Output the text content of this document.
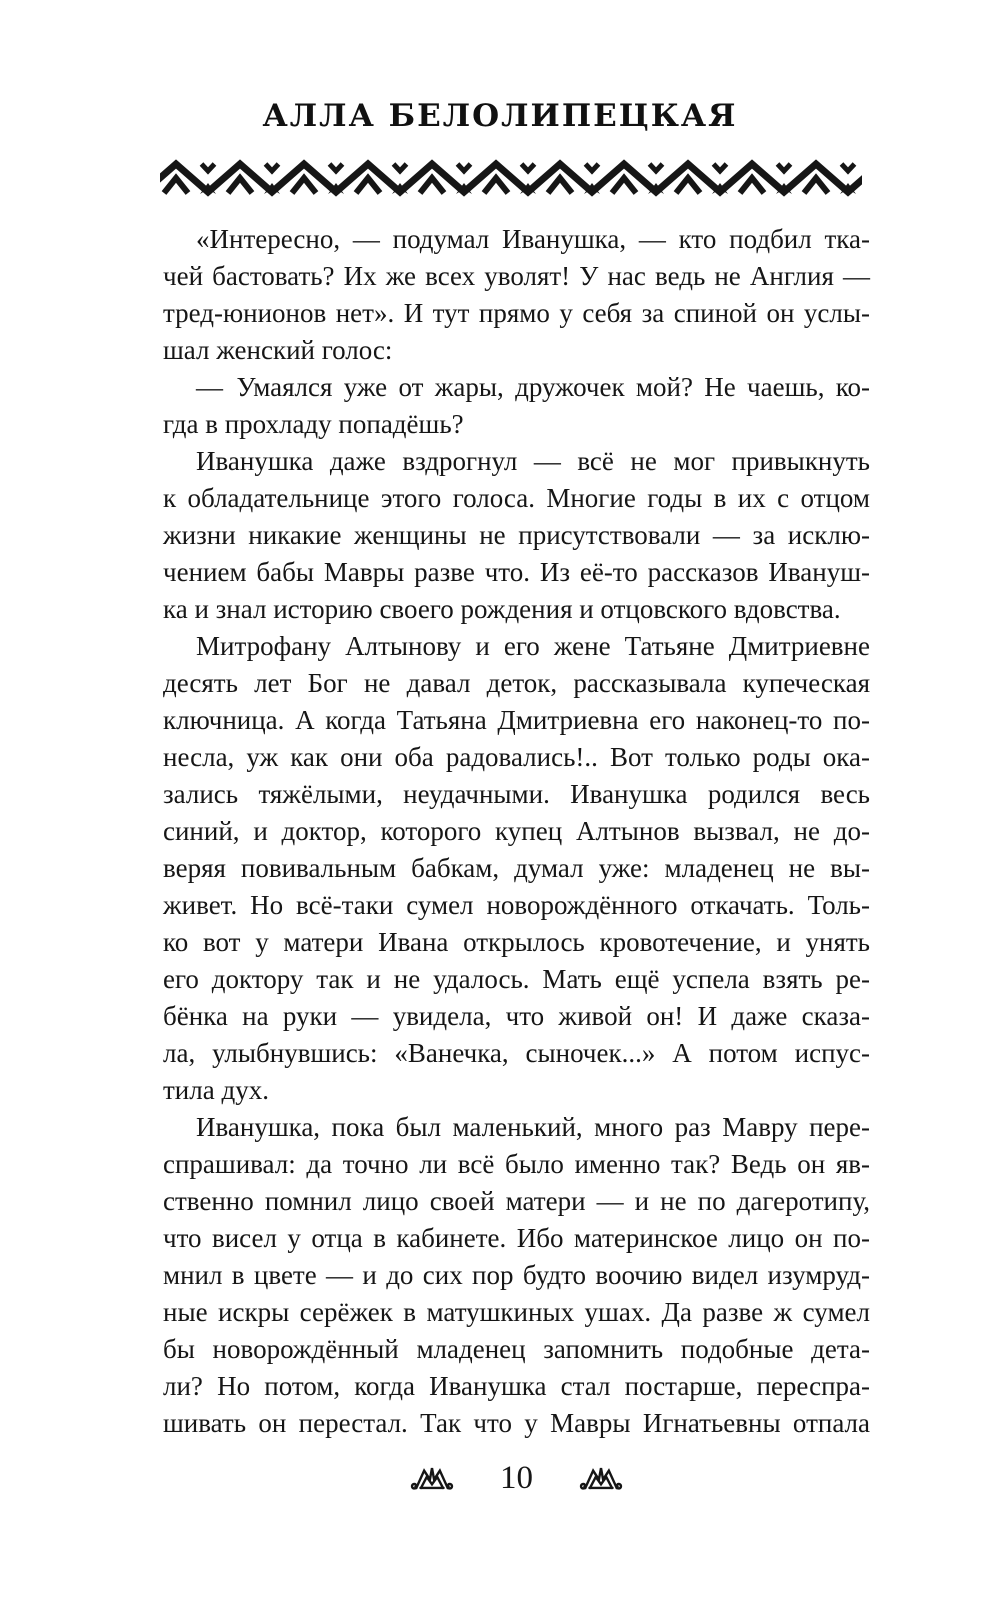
АЛЛА БЕЛОЛИПЕЦКАЯ
«Интересно, — подумал Иванушка, — кто подбил тка-
чей бастовать? Их же всех уволят! У нас ведь не Англия —
тред-юнионов нет». И тут прямо у себя за спиной он услы-
шал женский голос:
— Умаялся уже от жары, дружочек мой? Не чаешь, ко-
гда в прохладу попадёшь?
Иванушка даже вздрогнул — всё не мог привыкнуть
к обладательнице этого голоса. Многие годы в их с отцом
жизни никакие женщины не присутствовали — за исклю-
чением бабы Мавры разве что. Из её-то рассказов Ивануш-
ка и знал историю своего рождения и отцовского вдовства.
Митрофану Алтынову и его жене Татьяне Дмитриевне
десять лет Бог не давал деток, рассказывала купеческая
ключница. А когда Татьяна Дмитриевна его наконец-то по-
несла, уж как они оба радовались!.. Вот только роды ока-
зались тяжёлыми, неудачными. Иванушка родился весь
синий, и доктор, которого купец Алтынов вызвал, не до-
веряя повивальным бабкам, думал уже: младенец не вы-
живет. Но всё-таки сумел новорождённого откачать. Толь-
ко вот у матери Ивана открылось кровотечение, и унять
его доктору так и не удалось. Мать ещё успела взять ре-
бёнка на руки — увидела, что живой он! И даже сказа-
ла, улыбнувшись: «Ванечка, сыночек...» А потом испус-
тила дух.
Иванушка, пока был маленький, много раз Мавру пере-
спрашивал: да точно ли всё было именно так? Ведь он яв-
ственно помнил лицо своей матери — и не по дагеротипу,
что висел у отца в кабинете. Ибо материнское лицо он по-
мнил в цвете — и до сих пор будто воочию видел изумруд-
ные искры серёжек в матушкиных ушах. Да разве ж сумел
бы новорождённый младенец запомнить подобные дета-
ли? Но потом, когда Иванушка стал постарше, переспра-
шивать он перестал. Так что у Мавры Игнатьевны отпала
10
